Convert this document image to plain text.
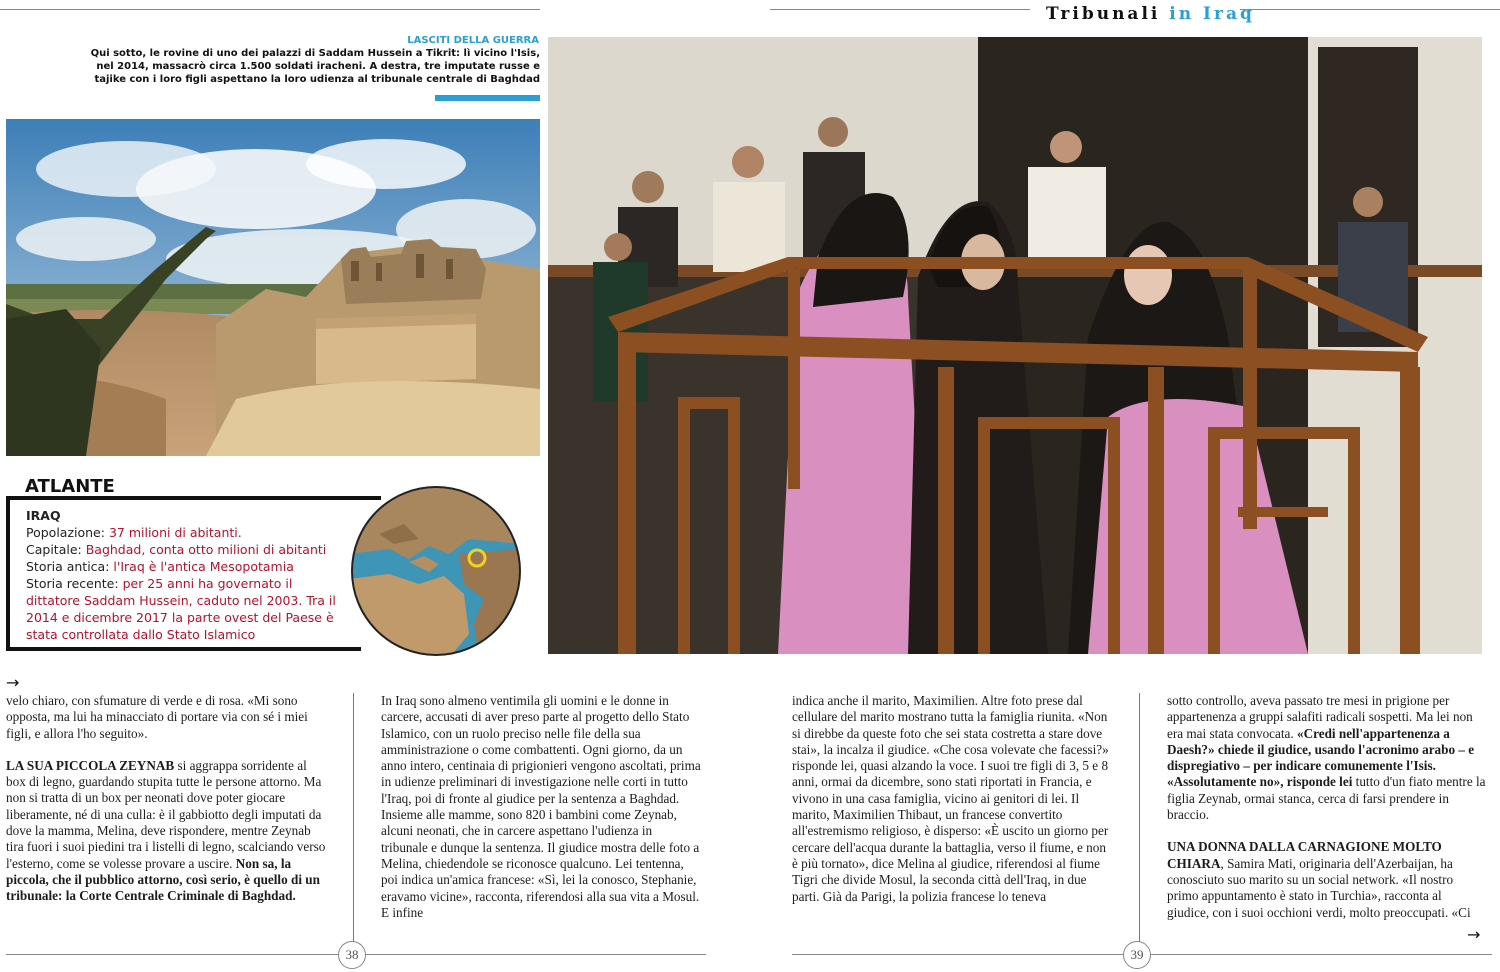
Tribunali in Iraq
LASCITI DELLA GUERRA
Qui sotto, le rovine di uno dei palazzi di Saddam Hussein a Tikrit: lì vicino l'Isis, nel 2014, massacrò circa 1.500 soldati iracheni. A destra, tre imputate russe e tajike con i loro figli aspettano la loro udienza al tribunale centrale di Baghdad
ATLANTE
IRAQ
Popolazione: 37 milioni di abitanti.
Capitale: Baghdad, conta otto milioni di abitanti
Storia antica: l'Iraq è l'antica Mesopotamia
Storia recente: per 25 anni ha governato il dittatore Saddam Hussein, caduto nel 2003. Tra il 2014 e dicembre 2017 la parte ovest del Paese è stata controllata dallo Stato Islamico
→
→

velo chiaro, con sfumature di verde e di rosa. «Mi sono opposta, ma lui ha minacciato di portare via con sé i miei figli, e allora l'ho seguito».

LA SUA PICCOLA ZEYNAB si aggrappa sorridente al box di legno, guardando stupita tutte le persone attorno. Ma non si tratta di un box per neonati dove poter giocare liberamente, né di una culla: è il gabbiotto degli imputati da dove la mamma, Melina, deve rispondere, mentre Zeynab tira fuori i suoi piedini tra i listelli di legno, scalciando verso l'esterno, come se volesse provare a uscire. Non sa, la piccola, che il pubblico attorno, così serio, è quello di un tribunale: la Corte Centrale Criminale di Baghdad.

In Iraq sono almeno ventimila gli uomini e le donne in carcere, accusati di aver preso parte al progetto dello Stato Islamico, con un ruolo preciso nelle file della sua amministrazione o come combattenti. Ogni giorno, da un anno intero, centinaia di prigionieri vengono ascoltati, prima in udienze preliminari di investigazione nelle corti in tutto l'Iraq, poi di fronte al giudice per la sentenza a Baghdad. Insieme alle mamme, sono 820 i bambini come Zeynab, alcuni neonati, che in carcere aspettano l'udienza in tribunale e dunque la sentenza. Il giudice mostra delle foto a Melina, chiedendole se riconosce qualcuno. Lei tentenna, poi indica un'amica francese: «Sì, lei la conosco, Stephanie, eravamo vicine», racconta, riferendosi alla sua vita a Mosul. E infine

indica anche il marito, Maximilien. Altre foto prese dal cellulare del marito mostrano tutta la famiglia riunita. «Non si direbbe da queste foto che sei stata costretta a stare dove stai», la incalza il giudice. «Che cosa volevate che facessi?» risponde lei, quasi alzando la voce. I suoi tre figli di 3, 5 e 8 anni, ormai da dicembre, sono stati riportati in Francia, e vivono in una casa famiglia, vicino ai genitori di lei. Il marito, Maximilien Thibaut, un francese convertito all'estremismo religioso, è disperso: «È uscito un giorno per cercare dell'acqua durante la battaglia, verso il fiume, e non è più tornato», dice Melina al giudice, riferendosi al fiume Tigri che divide Mosul, la seconda città dell'Iraq, in due parti. Già da Parigi, la polizia francese lo teneva

sotto controllo, aveva passato tre mesi in prigione per appartenenza a gruppi salafiti radicali sospetti. Ma lei non era mai stata convocata. «Credi nell'appartenenza a Daesh?» chiede il giudice, usando l'acronimo arabo – e dispregiativo – per indicare comunemente l'Isis. «Assolutamente no», risponde lei tutto d'un fiato mentre la figlia Zeynab, ormai stanca, cerca di farsi prendere in braccio.

UNA DONNA DALLA CARNAGIONE MOLTO CHIARA, Samira Mati, originaria dell'Azerbaijan, ha conosciuto suo marito su un social network. «Il nostro primo appuntamento è stato in Turchia», racconta al giudice, con i suoi occhioni verdi, molto preoccupati. «Ci

38	39
